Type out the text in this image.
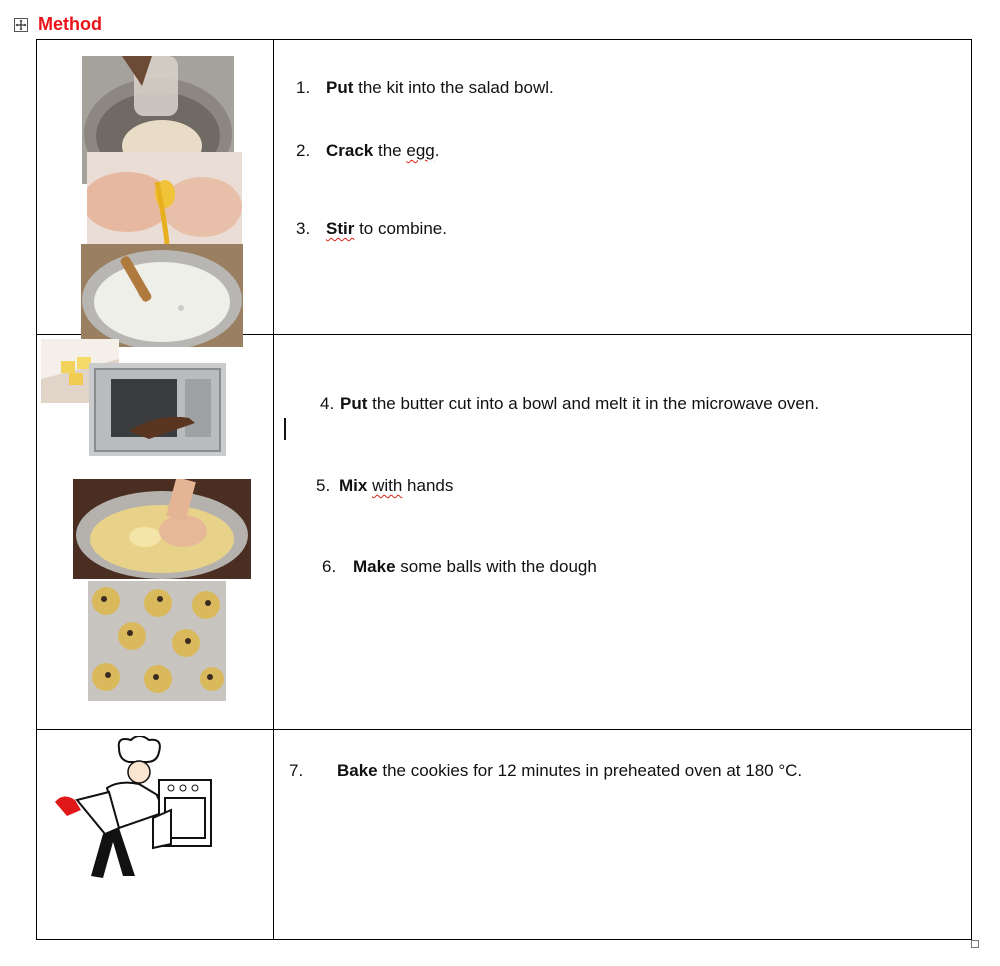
Method

1. Put the kit into the salad bowl.
2. Crack the egg.
3. Stir to combine.
4. Put the butter cut into a bowl and melt it in the microwave oven.
5. Mix with hands
6. Make some balls with the dough
7. Bake the cookies for 12 minutes in preheated oven at 180 °C.
